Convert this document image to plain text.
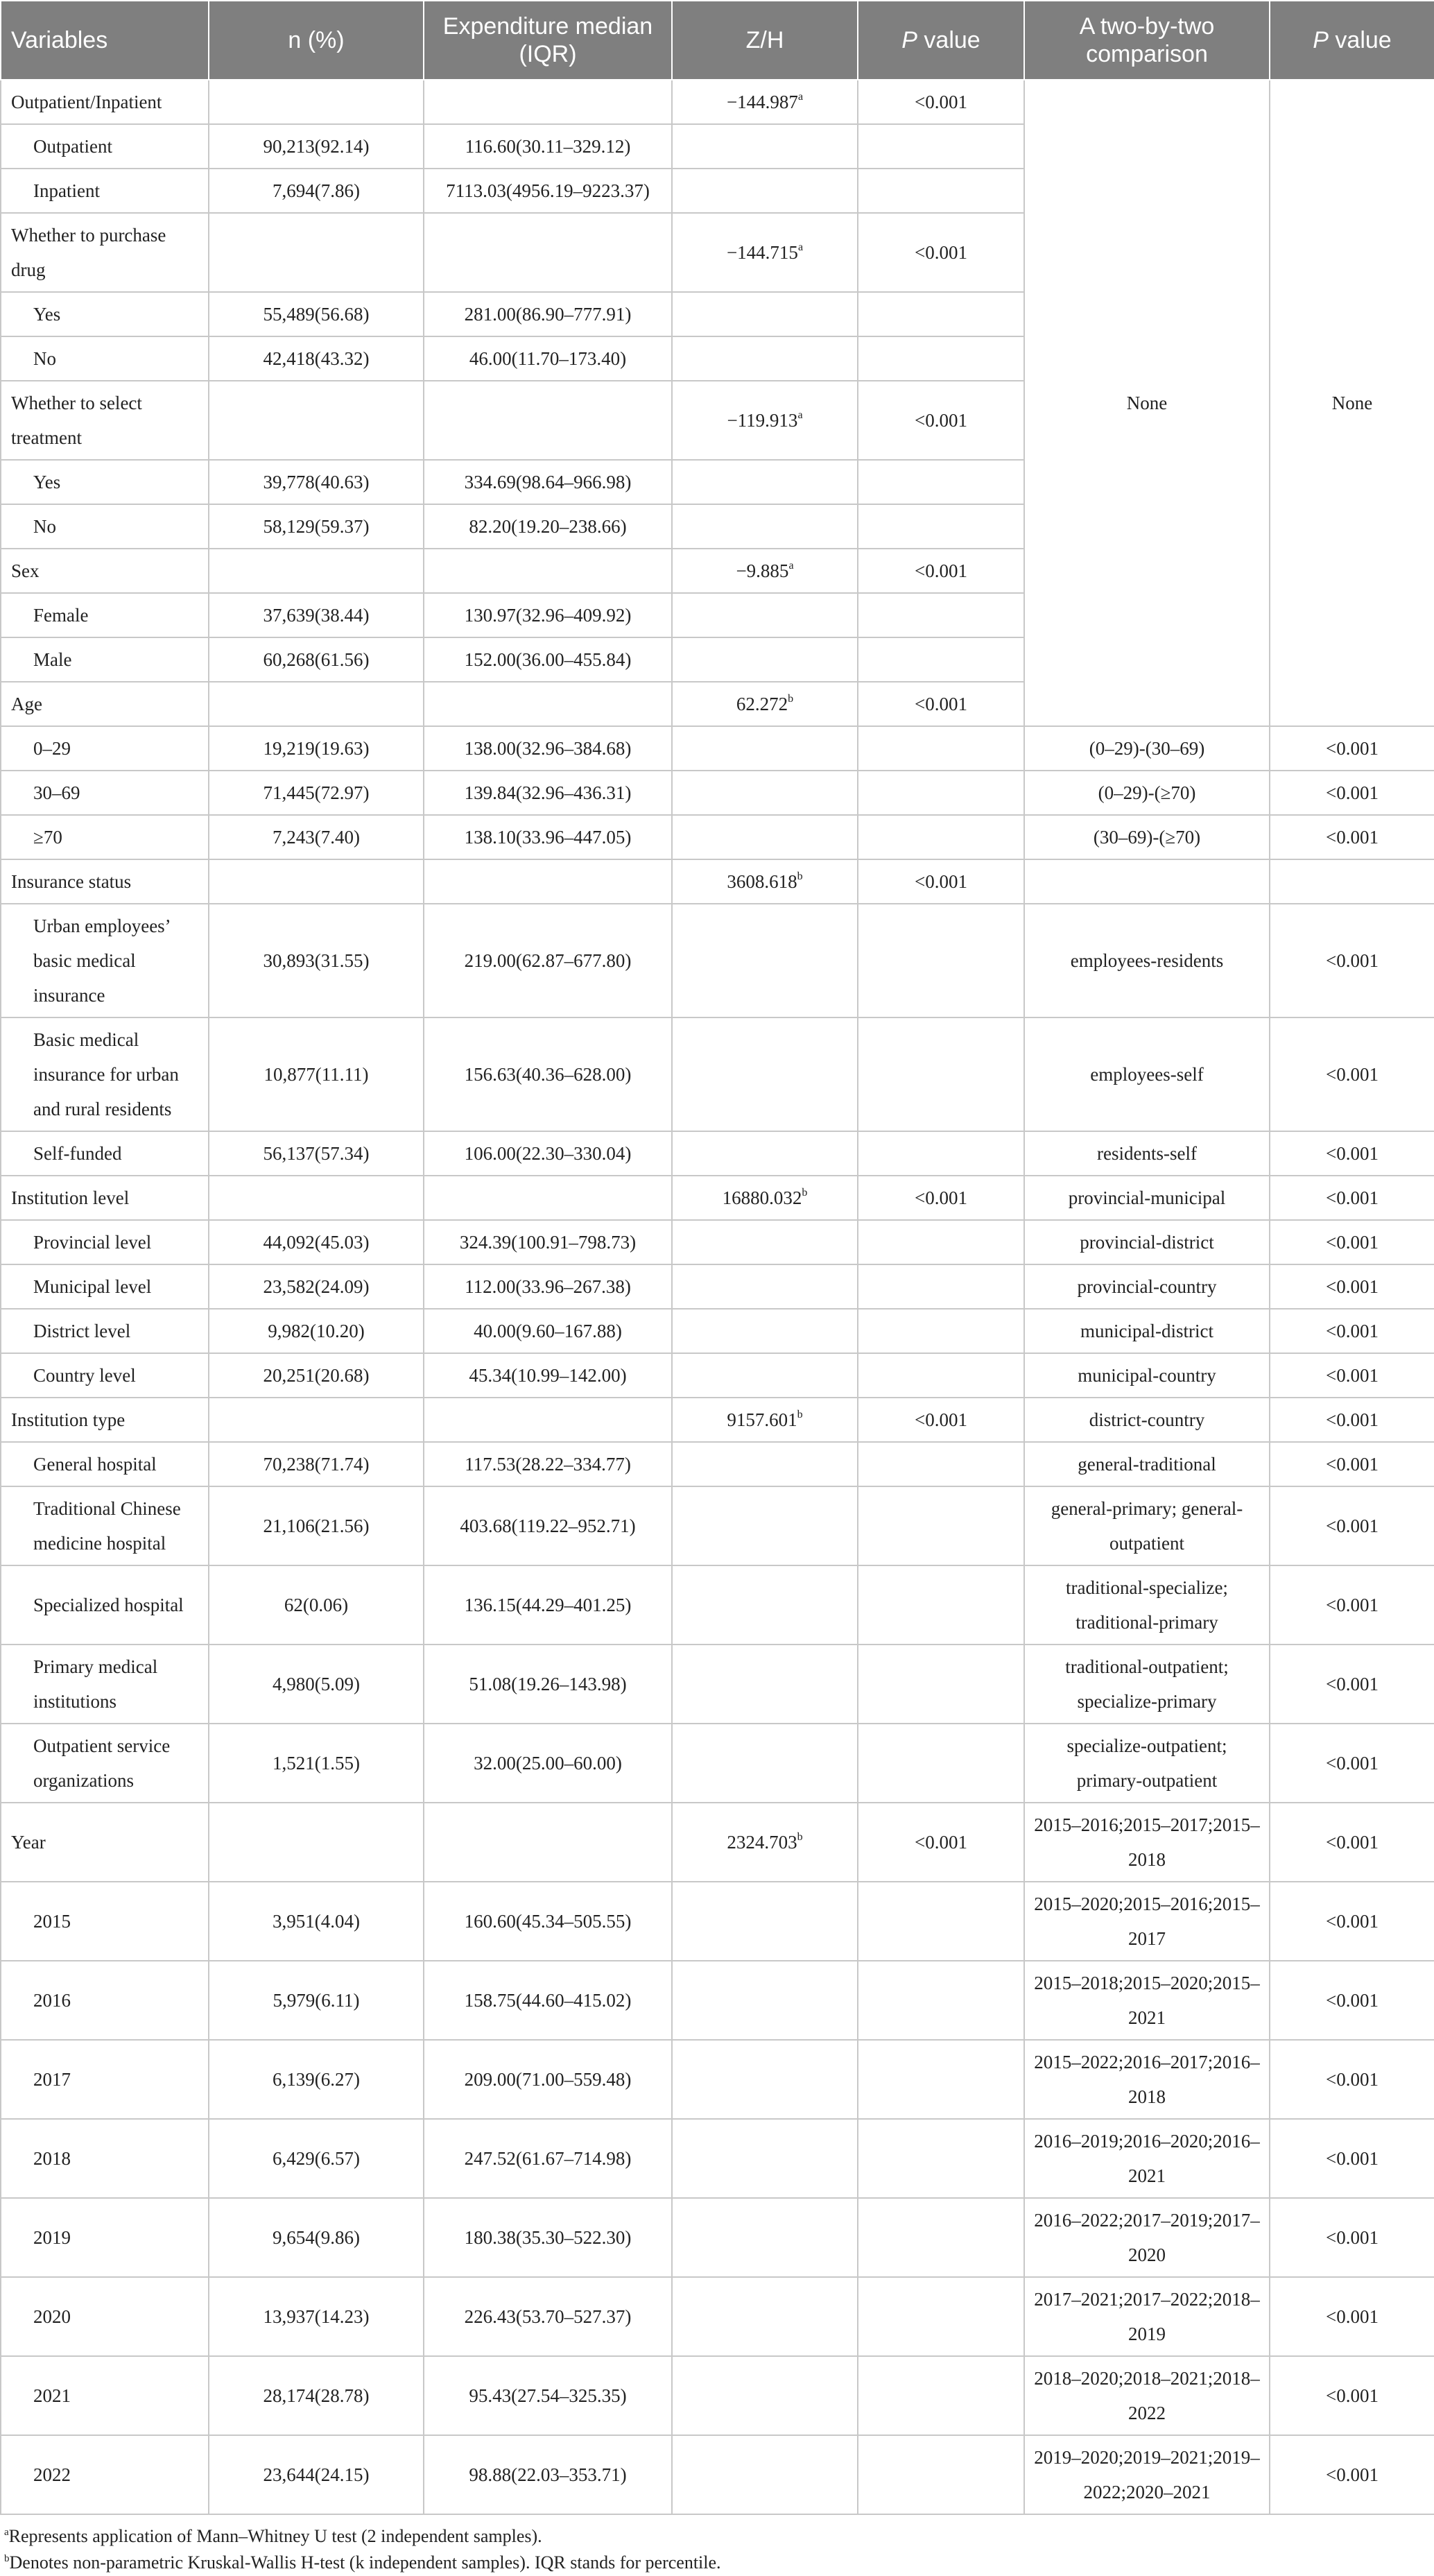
Variables	n (%)	Expenditure median (IQR)	Z/H	P value	A two-by-two comparison	P value
Outpatient/Inpatient			−144.987$^a$	<0.001	None	None
Outpatient	90,213(92.14)	116.60(30.11–329.12)				
Inpatient	7,694(7.86)	7113.03(4956.19–9223.37)				
Whether to purchase drug			−144.715$^a$	<0.001		
Yes	55,489(56.68)	281.00(86.90–777.91)				
No	42,418(43.32)	46.00(11.70–173.40)				
Whether to select treatment			−119.913$^a$	<0.001		
Yes	39,778(40.63)	334.69(98.64–966.98)				
No	58,129(59.37)	82.20(19.20–238.66)				
Sex			−9.885$^a$	<0.001		
Female	37,639(38.44)	130.97(32.96–409.92)				
Male	60,268(61.56)	152.00(36.00–455.84)				
Age			62.272$^b$	<0.001		
0–29	19,219(19.63)	138.00(32.96–384.68)			(0–29)-(30–69)	<0.001
30–69	71,445(72.97)	139.84(32.96–436.31)			(0–29)-(≥70)	<0.001
≥70	7,243(7.40)	138.10(33.96–447.05)			(30–69)-(≥70)	<0.001
Insurance status			3608.618$^b$	<0.001		
Urban employees’ basic medical insurance	30,893(31.55)	219.00(62.87–677.80)			employees-residents	<0.001
Basic medical insurance for urban and rural residents	10,877(11.11)	156.63(40.36–628.00)			employees-self	<0.001
Self-funded	56,137(57.34)	106.00(22.30–330.04)			residents-self	<0.001
Institution level			16880.032$^b$	<0.001	provincial-municipal	<0.001
Provincial level	44,092(45.03)	324.39(100.91–798.73)			provincial-district	<0.001
Municipal level	23,582(24.09)	112.00(33.96–267.38)			provincial-country	<0.001
District level	9,982(10.20)	40.00(9.60–167.88)			municipal-district	<0.001
Country level	20,251(20.68)	45.34(10.99–142.00)			municipal-country	<0.001
Institution type			9157.601$^b$	<0.001	district-country	<0.001
General hospital	70,238(71.74)	117.53(28.22–334.77)			general-traditional	<0.001
Traditional Chinese medicine hospital	21,106(21.56)	403.68(119.22–952.71)			general-primary; general-outpatient	<0.001
Specialized hospital	62(0.06)	136.15(44.29–401.25)			traditional-specialize; traditional-primary	<0.001
Primary medical institutions	4,980(5.09)	51.08(19.26–143.98)			traditional-outpatient; specialize-primary	<0.001
Outpatient service organizations	1,521(1.55)	32.00(25.00–60.00)			specialize-outpatient; primary-outpatient	<0.001
Year			2324.703$^b$	<0.001	2015–2016;2015–2017;2015–2018	<0.001
2015	3,951(4.04)	160.60(45.34–505.55)			2015–2020;2015–2016;2015–2017	<0.001
2016	5,979(6.11)	158.75(44.60–415.02)			2015–2018;2015–2020;2015–2021	<0.001
2017	6,139(6.27)	209.00(71.00–559.48)			2015–2022;2016–2017;2016–2018	<0.001
2018	6,429(6.57)	247.52(61.67–714.98)			2016–2019;2016–2020;2016–2021	<0.001
2019	9,654(9.86)	180.38(35.30–522.30)			2016–2022;2017–2019;2017–2020	<0.001
2020	13,937(14.23)	226.43(53.70–527.37)			2017–2021;2017–2022;2018–2019	<0.001
2021	28,174(28.78)	95.43(27.54–325.35)			2018–2020;2018–2021;2018–2022	<0.001
2022	23,644(24.15)	98.88(22.03–353.71)			2019–2020;2019–2021;2019–2022;2020–2021	<0.001
$^a$Represents application of Mann–Whitney U test (2 independent samples).
$^b$Denotes non-parametric Kruskal-Wallis H-test (k independent samples). IQR stands for percentile.
